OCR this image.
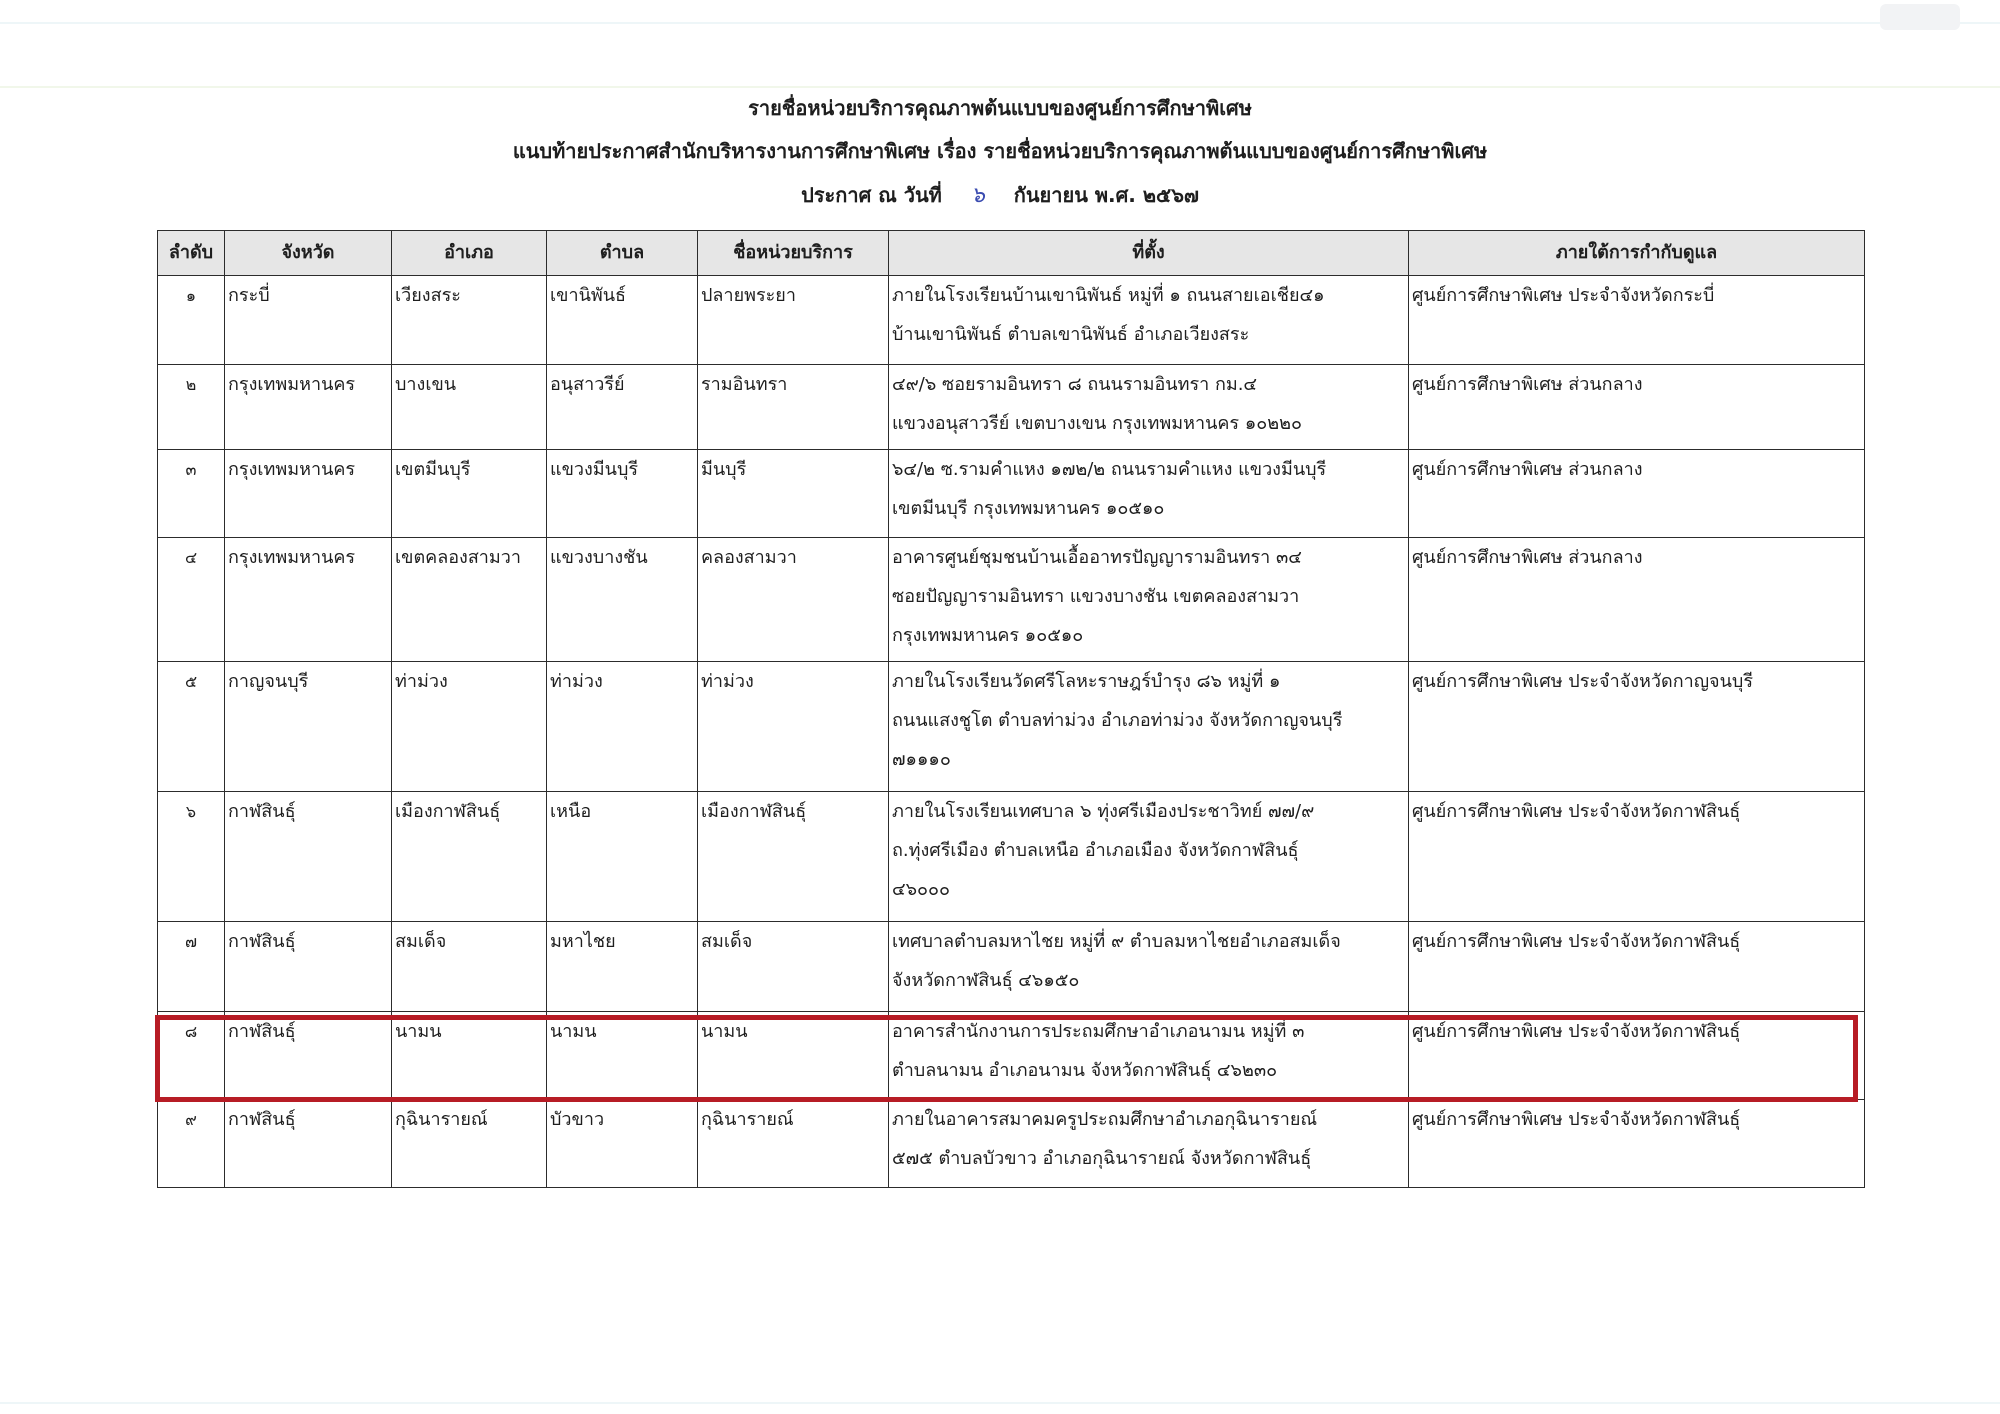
รายชื่อหน่วยบริการคุณภาพต้นแบบของศูนย์การศึกษาพิเศษ
แนบท้ายประกาศสำนักบริหารงานการศึกษาพิเศษ เรื่อง รายชื่อหน่วยบริการคุณภาพต้นแบบของศูนย์การศึกษาพิเศษ
ประกาศ ณ วันที่ ๖ กันยายน พ.ศ. ๒๕๖๗
ลำดับ	จังหวัด	อำเภอ	ตำบล	ชื่อหน่วยบริการ	ที่ตั้ง	ภายใต้การกำกับดูแล
๑	กระบี่	เวียงสระ	เขานิพันธ์	ปลายพระยา	ภายในโรงเรียนบ้านเขานิพันธ์ หมู่ที่ ๑ ถนนสายเอเชีย๔๑
บ้านเขานิพันธ์ ตำบลเขานิพันธ์ อำเภอเวียงสระ	ศูนย์การศึกษาพิเศษ ประจำจังหวัดกระบี่
๒	กรุงเทพมหานคร	บางเขน	อนุสาวรีย์	รามอินทรา	๔๙/๖ ซอยรามอินทรา ๘ ถนนรามอินทรา กม.๔
แขวงอนุสาวรีย์ เขตบางเขน กรุงเทพมหานคร ๑๐๒๒๐	ศูนย์การศึกษาพิเศษ ส่วนกลาง
๓	กรุงเทพมหานคร	เขตมีนบุรี	แขวงมีนบุรี	มีนบุรี	๖๔/๒ ซ.รามคำแหง ๑๗๒/๒ ถนนรามคำแหง แขวงมีนบุรี
เขตมีนบุรี กรุงเทพมหานคร ๑๐๕๑๐	ศูนย์การศึกษาพิเศษ ส่วนกลาง
๔	กรุงเทพมหานคร	เขตคลองสามวา	แขวงบางชัน	คลองสามวา	อาคารศูนย์ชุมชนบ้านเอื้ออาทรปัญญารามอินทรา ๓๔
ซอยปัญญารามอินทรา แขวงบางชัน เขตคลองสามวา
กรุงเทพมหานคร ๑๐๕๑๐	ศูนย์การศึกษาพิเศษ ส่วนกลาง
๕	กาญจนบุรี	ท่าม่วง	ท่าม่วง	ท่าม่วง	ภายในโรงเรียนวัดศรีโลหะราษฎร์บำรุง ๘๖ หมู่ที่ ๑
ถนนแสงชูโต ตำบลท่าม่วง อำเภอท่าม่วง จังหวัดกาญจนบุรี
๗๑๑๑๐	ศูนย์การศึกษาพิเศษ ประจำจังหวัดกาญจนบุรี
๖	กาฬสินธุ์	เมืองกาฬสินธุ์	เหนือ	เมืองกาฬสินธุ์	ภายในโรงเรียนเทศบาล ๖ ทุ่งศรีเมืองประชาวิทย์ ๗๗/๙
ถ.ทุ่งศรีเมือง ตำบลเหนือ อำเภอเมือง จังหวัดกาฬสินธุ์
๔๖๐๐๐	ศูนย์การศึกษาพิเศษ ประจำจังหวัดกาฬสินธุ์
๗	กาฬสินธุ์	สมเด็จ	มหาไชย	สมเด็จ	เทศบาลตำบลมหาไชย หมู่ที่ ๙ ตำบลมหาไชยอำเภอสมเด็จ
จังหวัดกาฬสินธุ์ ๔๖๑๕๐	ศูนย์การศึกษาพิเศษ ประจำจังหวัดกาฬสินธุ์
๘	กาฬสินธุ์	นามน	นามน	นามน	อาคารสำนักงานการประถมศึกษาอำเภอนามน หมู่ที่ ๓
ตำบลนามน อำเภอนามน จังหวัดกาฬสินธุ์ ๔๖๒๓๐	ศูนย์การศึกษาพิเศษ ประจำจังหวัดกาฬสินธุ์
๙	กาฬสินธุ์	กุฉินารายณ์	บัวขาว	กุฉินารายณ์	ภายในอาคารสมาคมครูประถมศึกษาอำเภอกุฉินารายณ์
๕๗๕ ตำบลบัวขาว อำเภอกุฉินารายณ์ จังหวัดกาฬสินธุ์	ศูนย์การศึกษาพิเศษ ประจำจังหวัดกาฬสินธุ์
